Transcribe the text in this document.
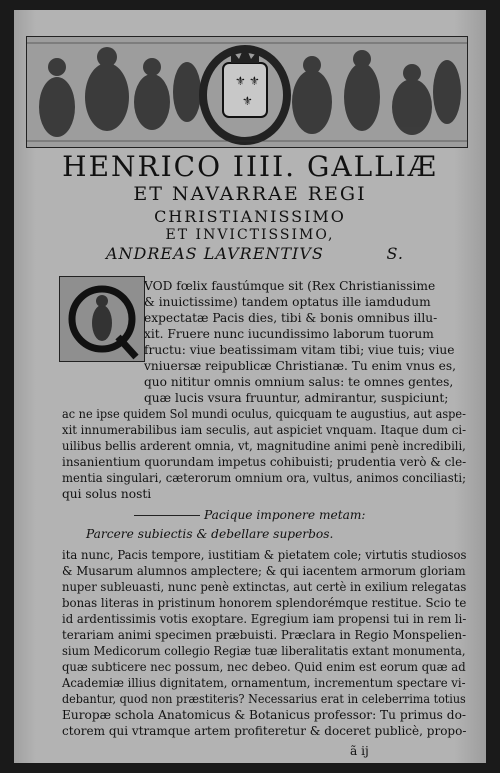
⚜ ⚜
⚜
HENRICO IIII. GALLIÆ
ET NAVARRAE REGI
CHRISTIANISSIMO
ET INVICTISSIMO,
ANDREAS LAVRENTIVS	S.
VOD fœlix faustúmque sit (Rex Christianissime
& inuictissime) tandem optatus ille iamdudum
expectatæ Pacis dies, tibi & bonis omnibus illu-
xit. Fruere nunc iucundissimo laborum tuorum
fructu: viue beatissimam vitam tibi; viue tuis; viue
vniuersæ reipublicæ Christianæ. Tu enim vnus es,
quo nititur omnis omnium salus: te omnes gentes,
quæ lucis vsura fruuntur, admirantur, suspiciunt;
ac ne ipse quidem Sol mundi oculus, quicquam te augustius, aut aspe-
xit innumerabilibus iam seculis, aut aspiciet vnquam. Itaque dum ci-
uilibus bellis arderent omnia, vt, magnitudine animi penè incredibili,
insanientium quorundam impetus cohibuisti; prudentia verò & cle-
mentia singulari, cæterorum omnium ora, vultus, animos conciliasti;
qui solus nosti
Pacique imponere metam:
Parcere subiectis & debellare superbos.
ita nunc, Pacis tempore, iustitiam & pietatem cole; virtutis studiosos
& Musarum alumnos amplectere; & qui iacentem armorum gloriam
nuper subleuasti, nunc penè extinctas, aut certè in exilium relegatas
bonas literas in pristinum honorem splendorémque restitue. Scio te
id ardentissimis votis exoptare. Egregium iam propensi tui in rem li-
terariam animi specimen præbuisti. Præclara in Regio Monspelien-
sium Medicorum collegio Regiæ tuæ liberalitatis extant monumenta,
quæ subticere nec possum, nec debeo. Quid enim est eorum quæ ad
Academiæ illius dignitatem, ornamentum, incrementum spectare vi-
debantur, quod non præstiteris? Necessarius erat in celeberrima totius
Europæ schola Anatomicus & Botanicus professor: Tu primus do-
ctorem qui vtramque artem profiteretur & doceret publicè, propo-
ã ij
